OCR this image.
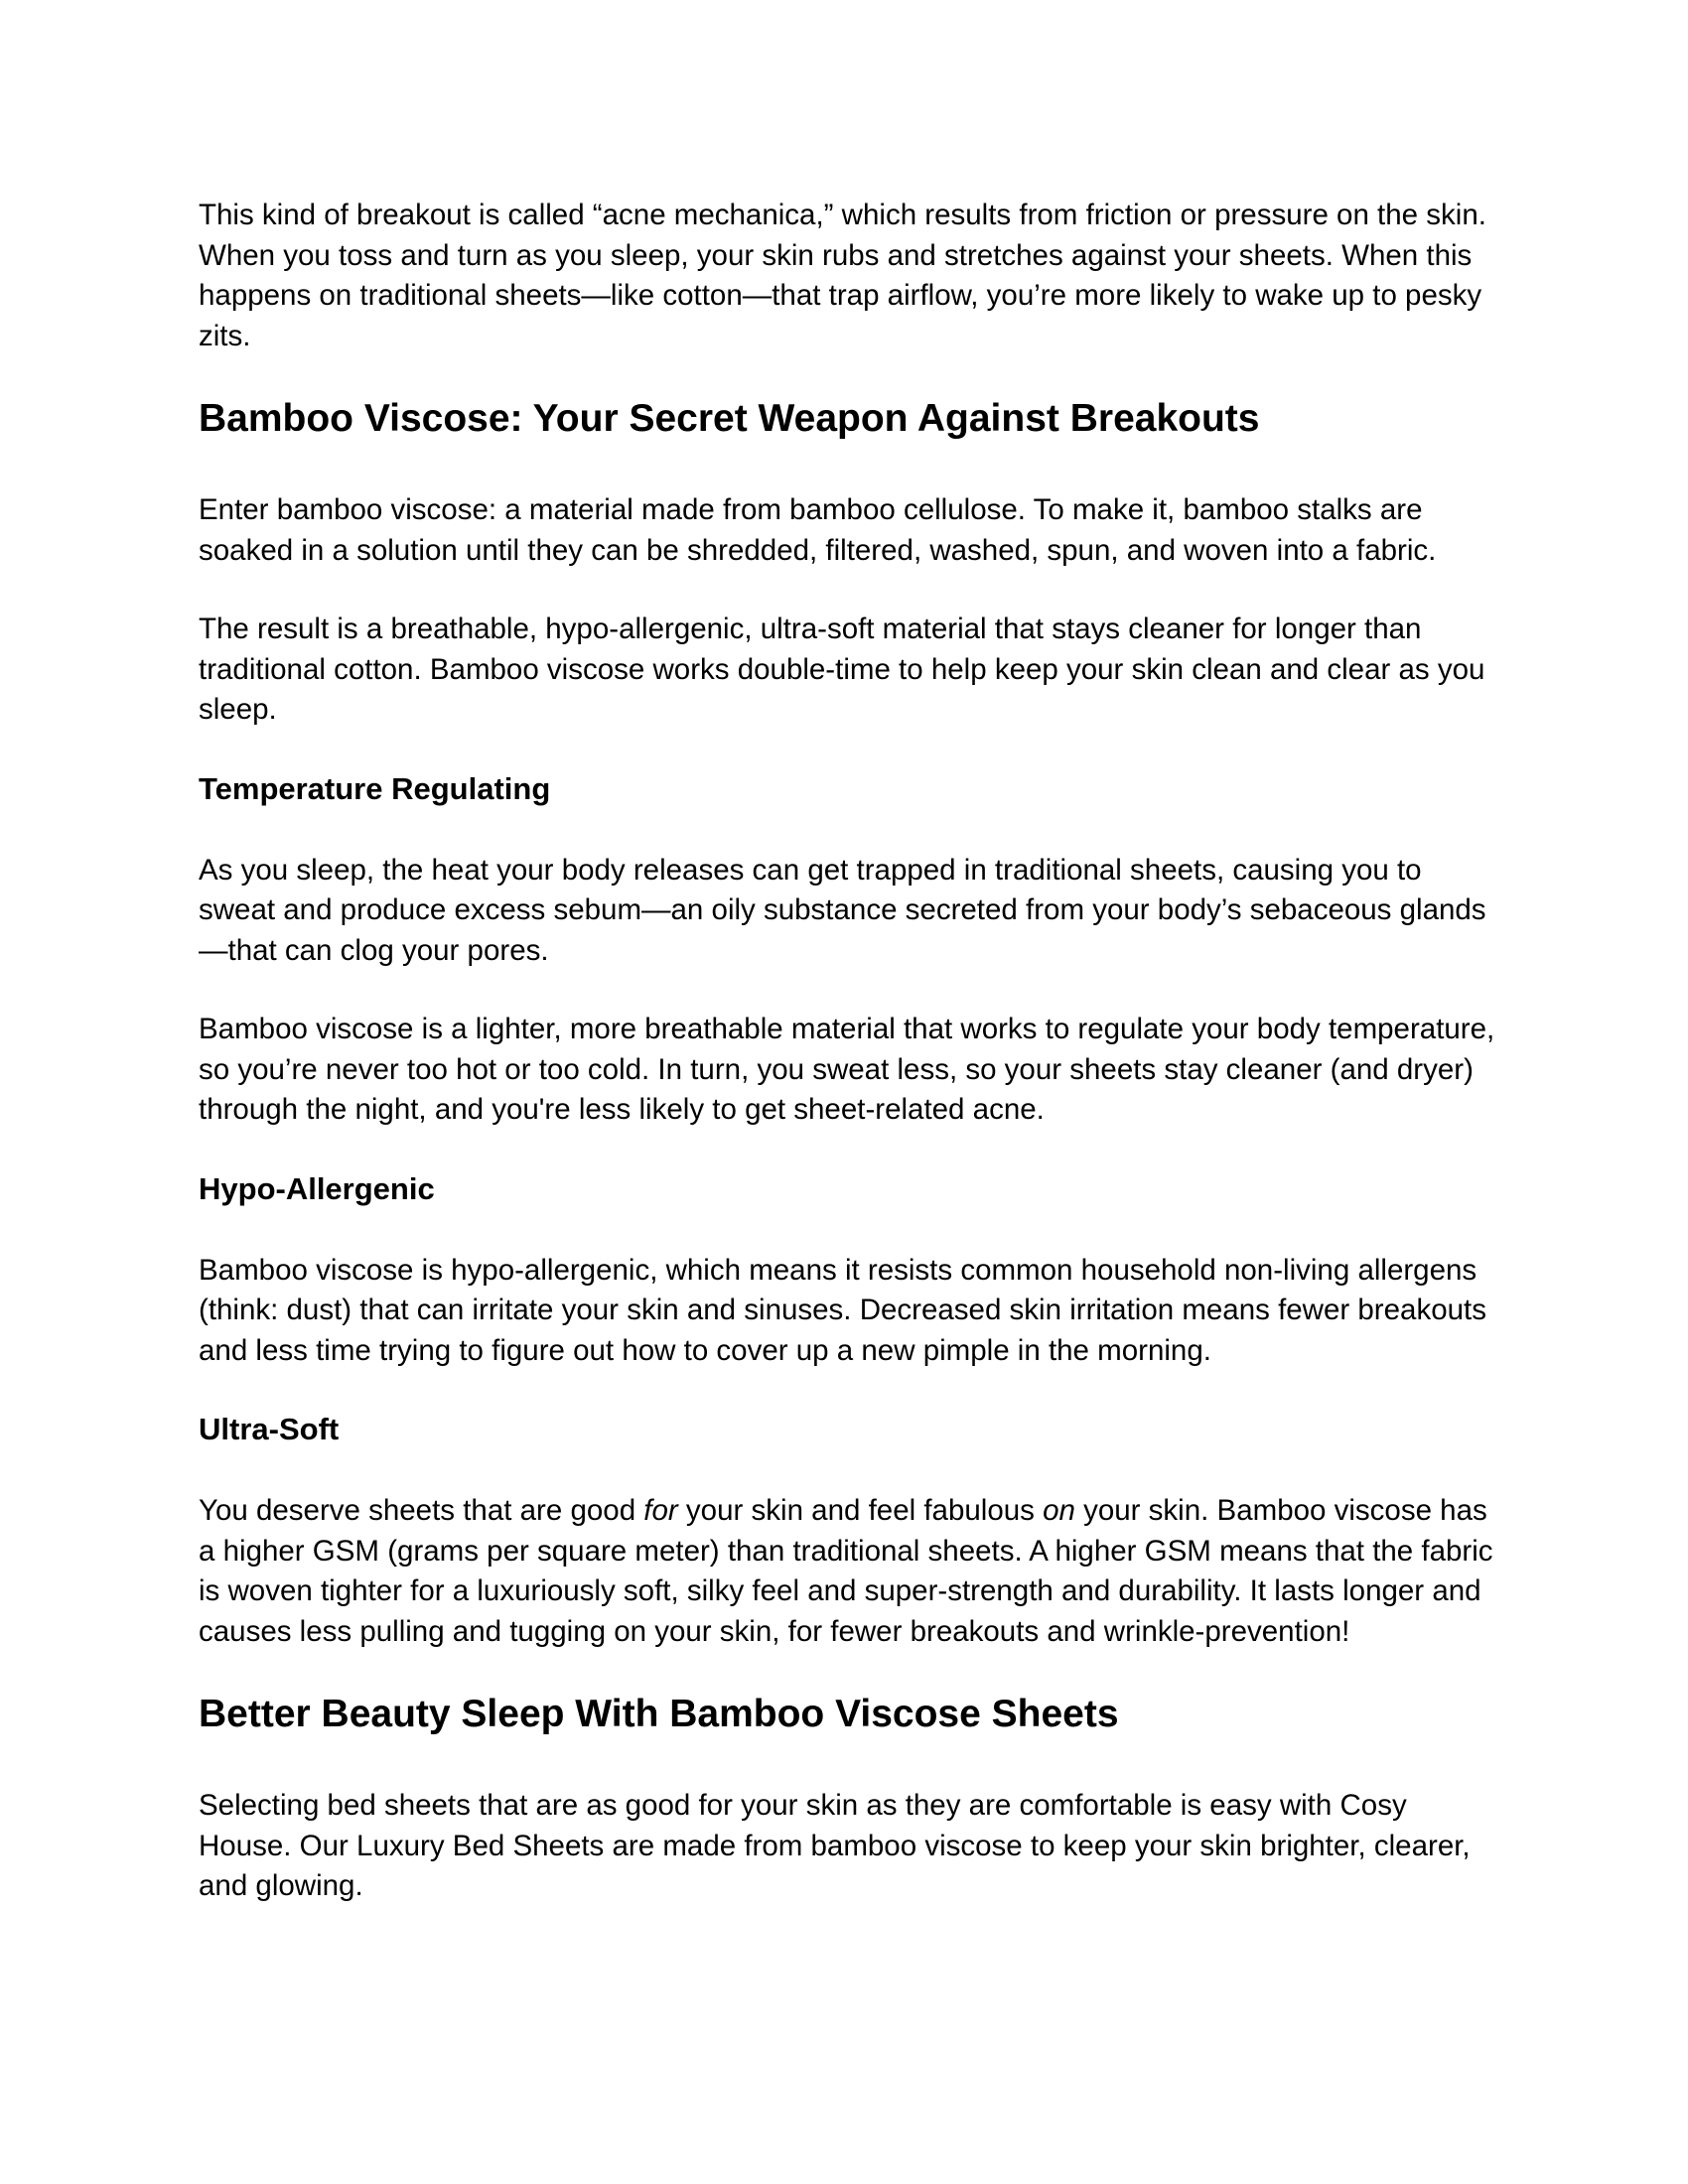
This kind of breakout is called “acne mechanica,” which results from friction or pressure on the skin. When you toss and turn as you sleep, your skin rubs and stretches against your sheets. When this happens on traditional sheets—like cotton—that trap airflow, you’re more likely to wake up to pesky zits.

Bamboo Viscose: Your Secret Weapon Against Breakouts

Enter bamboo viscose: a material made from bamboo cellulose. To make it, bamboo stalks are soaked in a solution until they can be shredded, filtered, washed, spun, and woven into a fabric.

The result is a breathable, hypo-allergenic, ultra-soft material that stays cleaner for longer than traditional cotton. Bamboo viscose works double-time to help keep your skin clean and clear as you sleep.

Temperature Regulating

As you sleep, the heat your body releases can get trapped in traditional sheets, causing you to sweat and produce excess sebum—an oily substance secreted from your body’s sebaceous glands—that can clog your pores.

Bamboo viscose is a lighter, more breathable material that works to regulate your body temperature, so you’re never too hot or too cold. In turn, you sweat less, so your sheets stay cleaner (and dryer) through the night, and you're less likely to get sheet-related acne.

Hypo-Allergenic

Bamboo viscose is hypo-allergenic, which means it resists common household non-living allergens (think: dust) that can irritate your skin and sinuses. Decreased skin irritation means fewer breakouts and less time trying to figure out how to cover up a new pimple in the morning.

Ultra-Soft

You deserve sheets that are good for your skin and feel fabulous on your skin. Bamboo viscose has a higher GSM (grams per square meter) than traditional sheets. A higher GSM means that the fabric is woven tighter for a luxuriously soft, silky feel and super-strength and durability. It lasts longer and causes less pulling and tugging on your skin, for fewer breakouts and wrinkle-prevention!

Better Beauty Sleep With Bamboo Viscose Sheets

Selecting bed sheets that are as good for your skin as they are comfortable is easy with Cosy House. Our Luxury Bed Sheets are made from bamboo viscose to keep your skin brighter, clearer, and glowing.
